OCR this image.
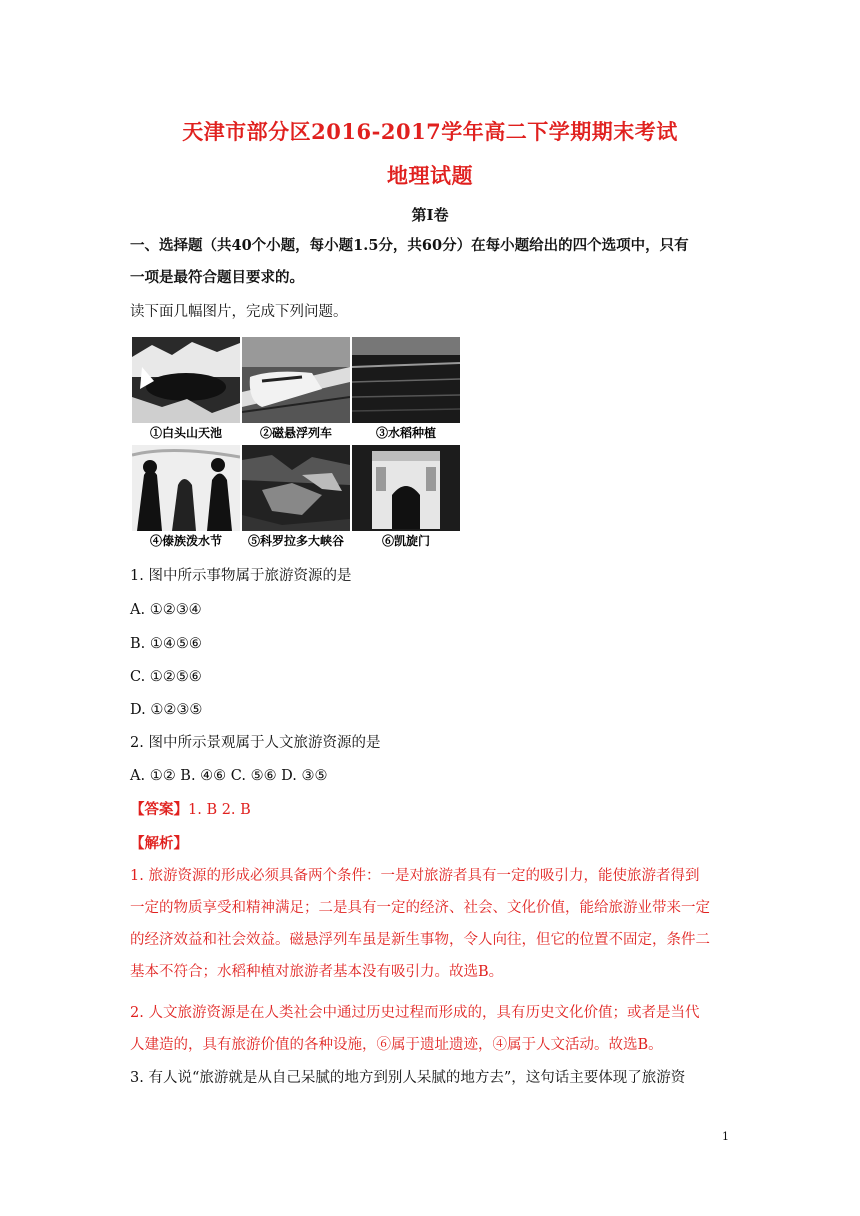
天津市部分区2016-2017学年高二下学期期末考试
地理试题
第I卷
一、选择题（共40个小题，每小题1.5分，共60分）在每小题给出的四个选项中，只有
一项是最符合题目要求的。
读下面几幅图片，完成下列问题。
①白头山天池	②磁悬浮列车	③水稻种植
④傣族泼水节	⑤科罗拉多大峡谷	⑥凯旋门
1. 图中所示事物属于旅游资源的是
A. ①②③④
B. ①④⑤⑥
C. ①②⑤⑥
D. ①②③⑤
2. 图中所示景观属于人文旅游资源的是
A. ①② B. ④⑥ C. ⑤⑥ D. ③⑤
【答案】1. B 2. B
【解析】
1. 旅游资源的形成必须具备两个条件：一是对旅游者具有一定的吸引力，能使旅游者得到
一定的物质享受和精神满足；二是具有一定的经济、社会、文化价值，能给旅游业带来一定
的经济效益和社会效益。磁悬浮列车虽是新生事物，令人向往，但它的位置不固定，条件二
基本不符合；水稻种植对旅游者基本没有吸引力。故选B。
2. 人文旅游资源是在人类社会中通过历史过程而形成的，具有历史文化价值；或者是当代
人建造的，具有旅游价值的各种设施，⑥属于遗址遗迹，④属于人文活动。故选B。
3. 有人说“旅游就是从自己呆腻的地方到别人呆腻的地方去”，这句话主要体现了旅游资
1
